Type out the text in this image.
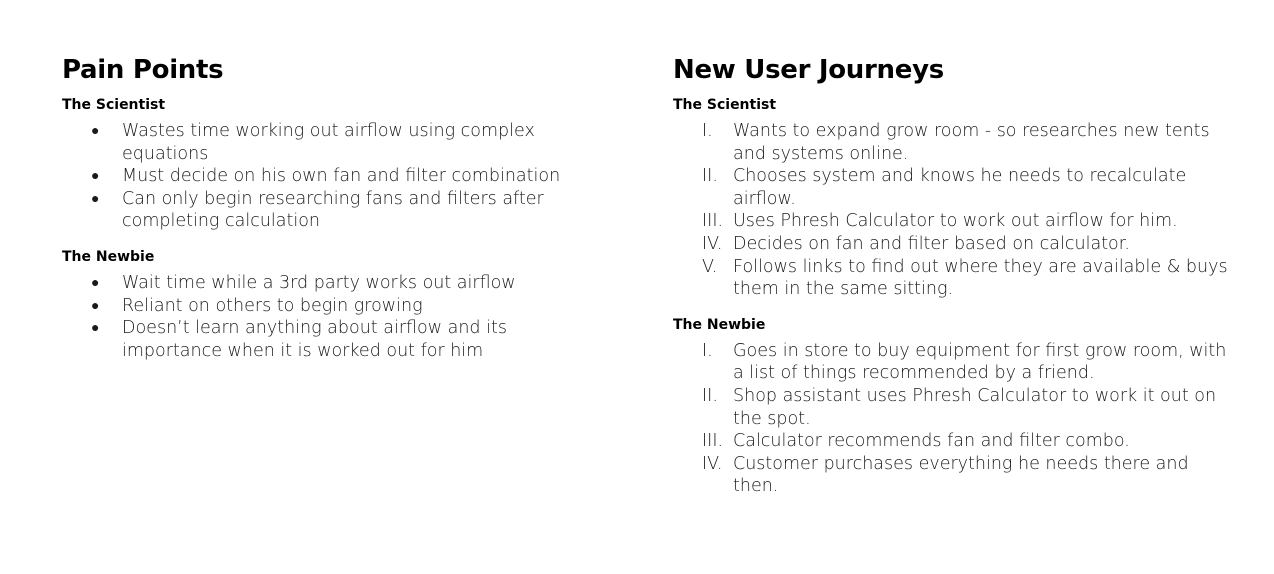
Pain Points
The Scientist
● Wastes time working out airflow using complex equations
● Must decide on his own fan and filter combination
● Can only begin researching fans and filters after completing calculation
The Newbie
● Wait time while a 3rd party works out airflow
● Reliant on others to begin growing
● Doesn’t learn anything about airflow and its importance when it is worked out for him
New User Journeys
The Scientist
I.	Wants to expand grow room - so researches new tents and systems online.
II. Chooses system and knows he needs to recalculate airflow.
III. Uses Phresh Calculator to work out airflow for him.
IV. Decides on fan and filter based on calculator.
V. Follows links to find out where they are available & buys them in the same sitting.
The Newbie
I.	Goes in store to buy equipment for first grow room, with a list of things recommended by a friend.
II. Shop assistant uses Phresh Calculator to work it out on the spot.
III. Calculator recommends fan and filter combo.
IV. Customer purchases everything he needs there and then.
